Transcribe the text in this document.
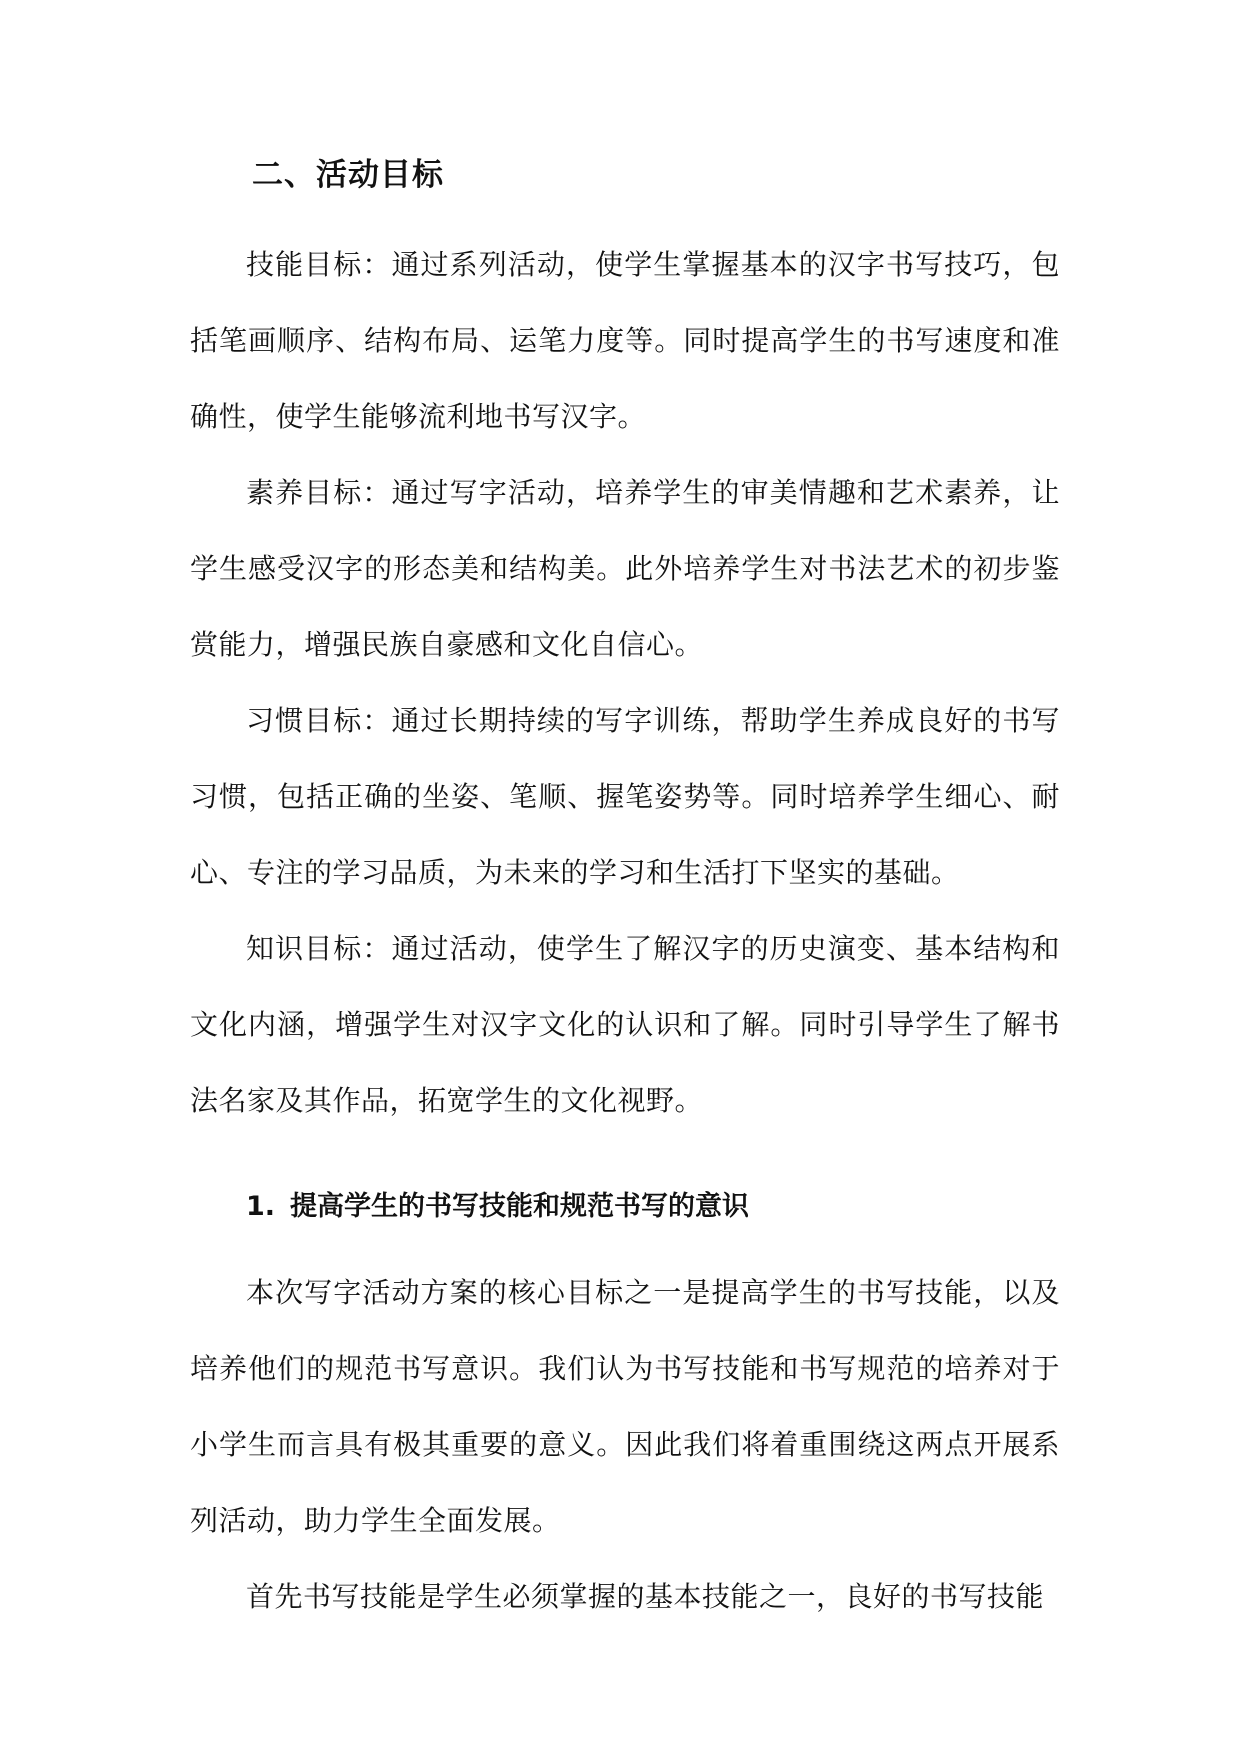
二、活动目标

技能目标：通过系列活动，使学生掌握基本的汉字书写技巧，包括笔画顺序、结构布局、运笔力度等。同时提高学生的书写速度和准确性，使学生能够流利地书写汉字。

素养目标：通过写字活动，培养学生的审美情趣和艺术素养，让学生感受汉字的形态美和结构美。此外培养学生对书法艺术的初步鉴赏能力，增强民族自豪感和文化自信心。

习惯目标：通过长期持续的写字训练，帮助学生养成良好的书写习惯，包括正确的坐姿、笔顺、握笔姿势等。同时培养学生细心、耐心、专注的学习品质，为未来的学习和生活打下坚实的基础。

知识目标：通过活动，使学生了解汉字的历史演变、基本结构和文化内涵，增强学生对汉字文化的认识和了解。同时引导学生了解书法名家及其作品，拓宽学生的文化视野。

1. 提高学生的书写技能和规范书写的意识

本次写字活动方案的核心目标之一是提高学生的书写技能，以及培养他们的规范书写意识。我们认为书写技能和书写规范的培养对于小学生而言具有极其重要的意义。因此我们将着重围绕这两点开展系列活动，助力学生全面发展。

首先书写技能是学生必须掌握的基本技能之一，良好的书写技能
